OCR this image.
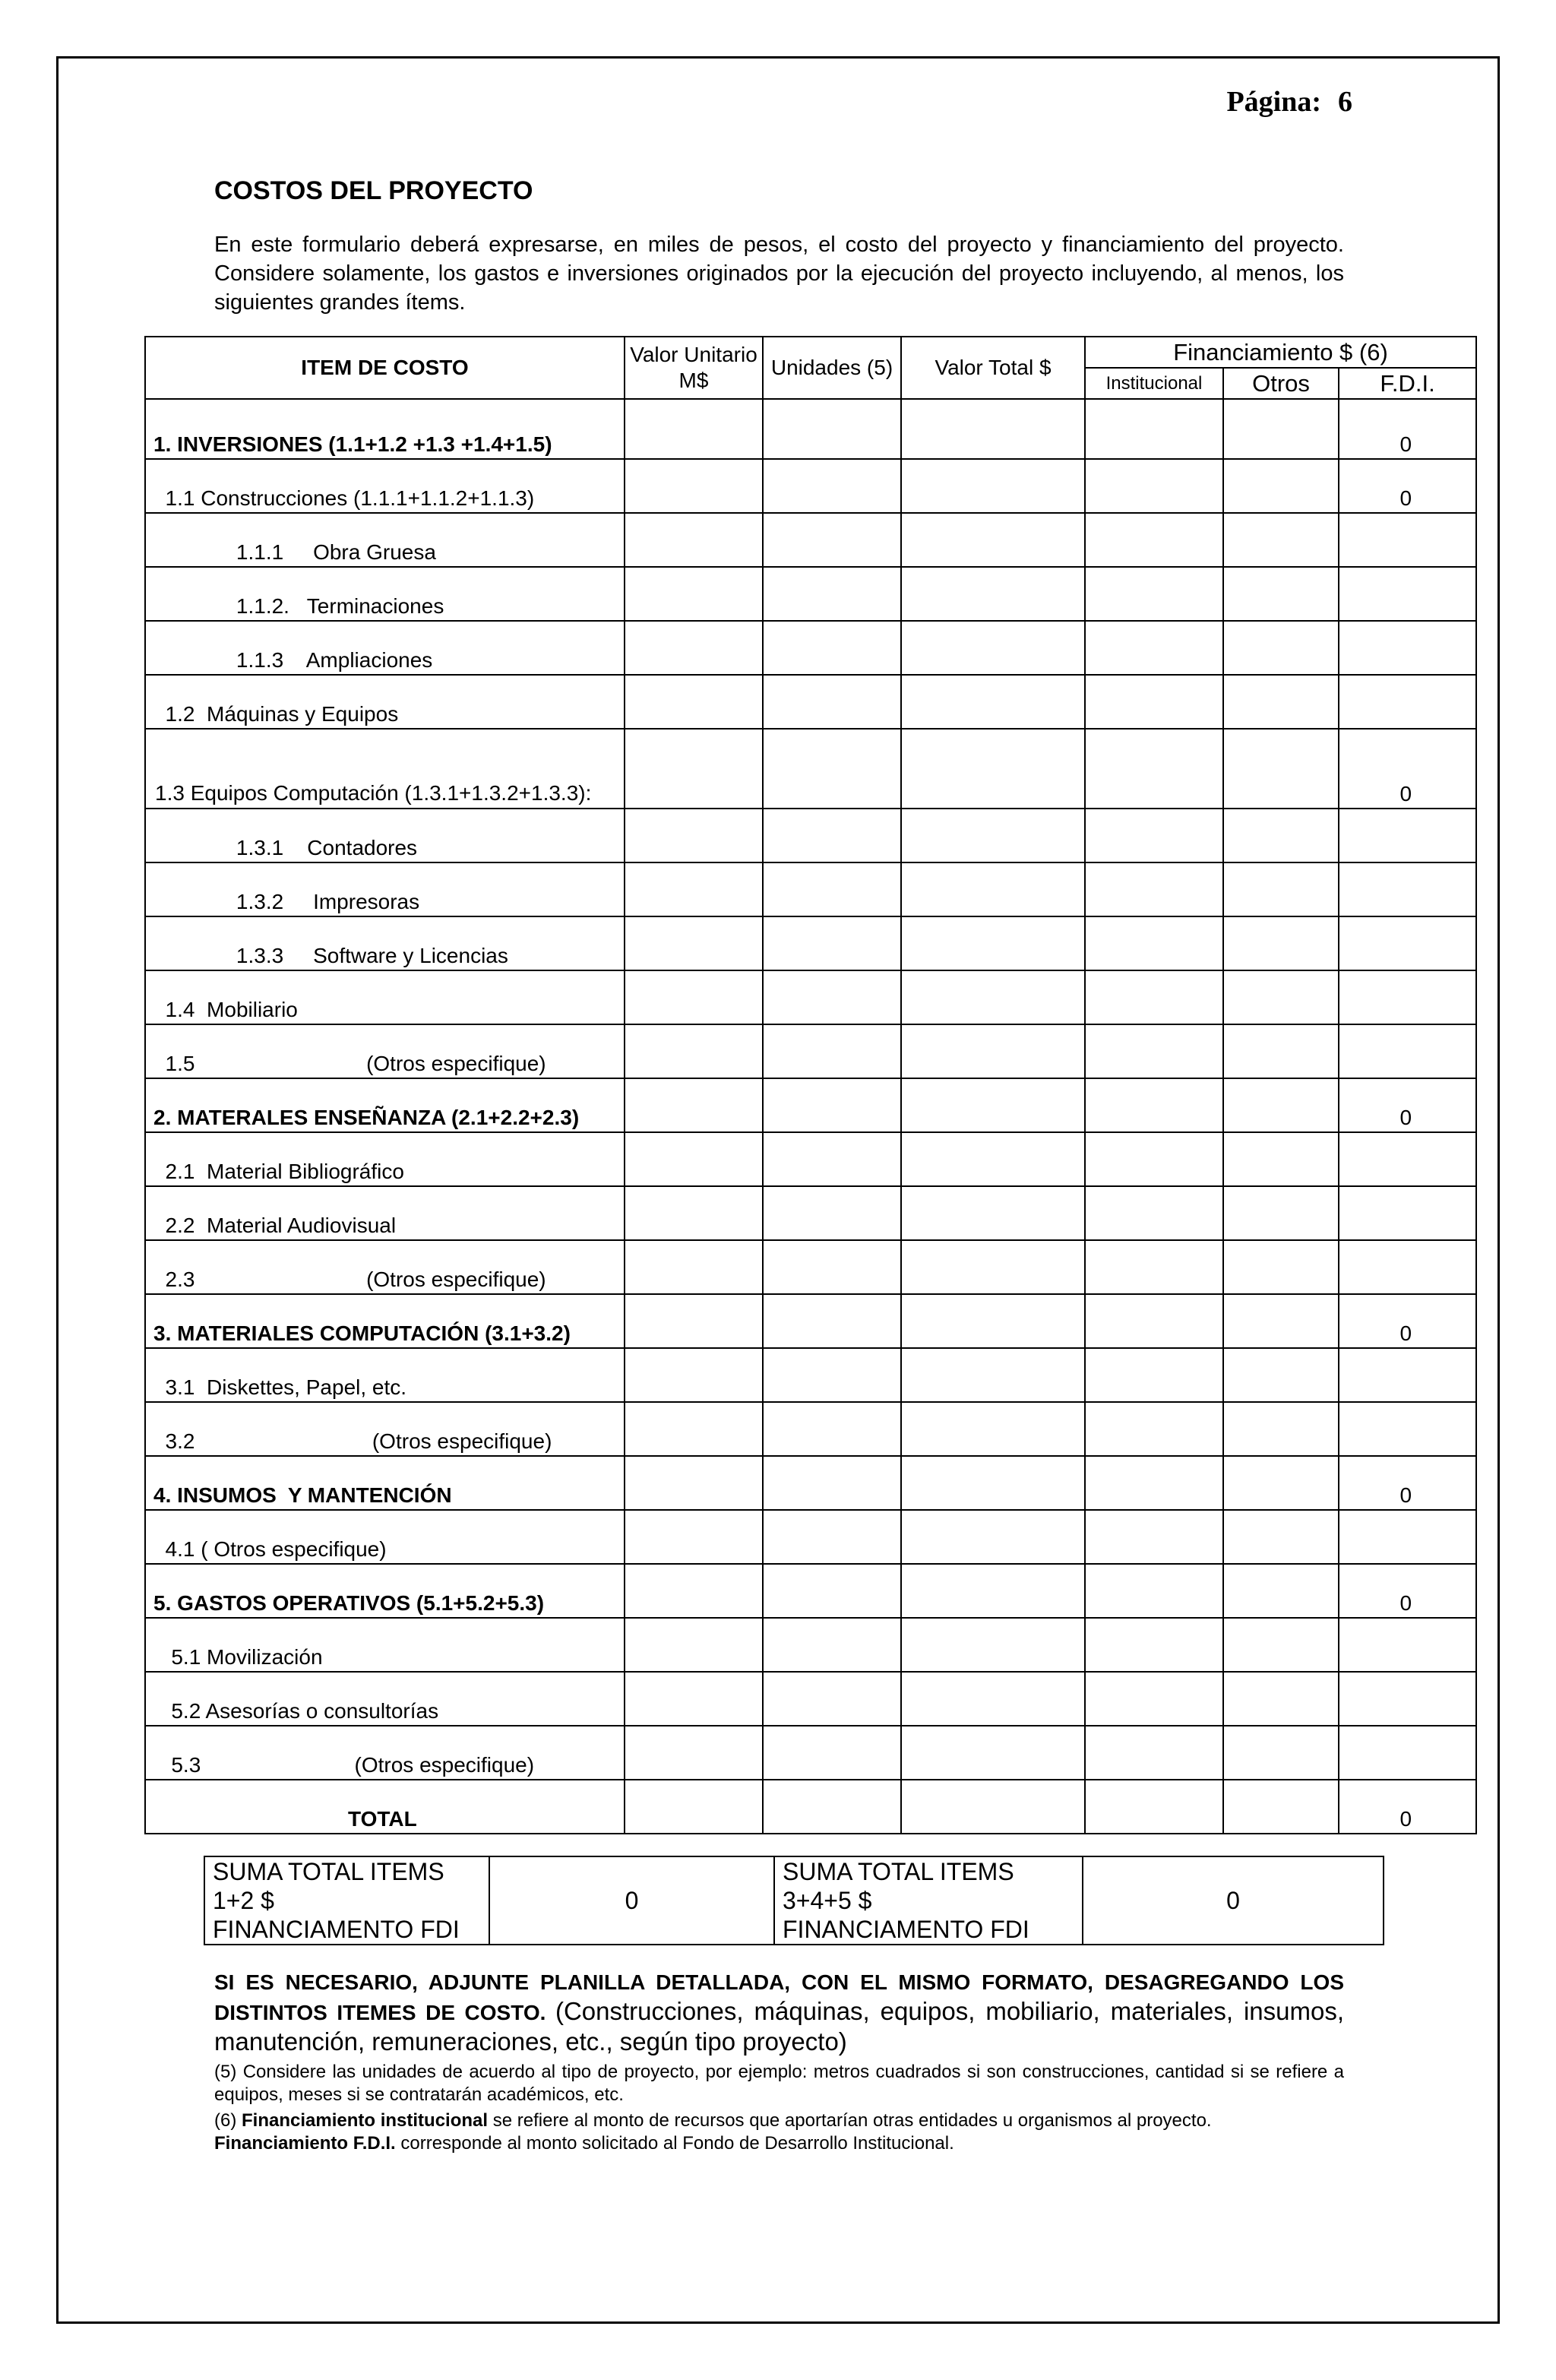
Página: 6
COSTOS DEL PROYECTO
En este formulario deberá expresarse, en miles de pesos, el costo del proyecto y financiamiento del proyecto. Considere solamente, los gastos e inversiones originados por la ejecución del proyecto incluyendo, al menos, los siguientes grandes ítems.
ITEM DE COSTO	Valor Unitario M$	Unidades (5)	Valor Total $	Financiamiento $ (6)		
				Institucional	Otros	F.D.I.
1. INVERSIONES (1.1+1.2 +1.3 +1.4+1.5)						0
1.1 Construcciones (1.1.1+1.1.2+1.1.3)						0
1.1.1     Obra Gruesa						
1.1.2.   Terminaciones						
1.1.3    Ampliaciones						
1.2  Máquinas y Equipos						
1.3 Equipos Computación (1.3.1+1.3.2+1.3.3):						0
1.3.1    Contadores						
1.3.2     Impresoras						
1.3.3     Software y Licencias						
1.4  Mobiliario						
1.5                             (Otros especifique)						
2. MATERALES ENSEÑANZA (2.1+2.2+2.3)						0
2.1  Material Bibliográfico						
2.2  Material Audiovisual						
2.3                             (Otros especifique)						
3. MATERIALES COMPUTACIÓN (3.1+3.2)						0
3.1  Diskettes, Papel, etc.						
3.2                              (Otros especifique)						
4. INSUMOS  Y MANTENCIÓN						0
4.1 ( Otros especifique)						
5. GASTOS OPERATIVOS (5.1+5.2+5.3)						0
5.1 Movilización						
5.2 Asesorías o consultorías						
5.3                          (Otros especifique)						
TOTAL						0
SUMA TOTAL ITEMS 1+2 $ FINANCIAMENTO FDI	0	SUMA TOTAL ITEMS 3+4+5 $ FINANCIAMENTO FDI	0
SI ES NECESARIO, ADJUNTE PLANILLA DETALLADA, CON EL MISMO FORMATO, DESAGREGANDO LOS DISTINTOS ITEMES DE COSTO. (Construcciones, máquinas, equipos, mobiliario, materiales, insumos, manutención, remuneraciones, etc., según tipo proyecto)
(5) Considere las unidades de acuerdo al tipo de proyecto, por ejemplo: metros cuadrados si son construcciones, cantidad si se refiere a equipos, meses si se contratarán académicos, etc.
(6) Financiamiento institucional se refiere al monto de recursos que aportarían otras entidades u organismos al proyecto.
Financiamiento F.D.I. corresponde al monto solicitado al Fondo de Desarrollo Institucional.
